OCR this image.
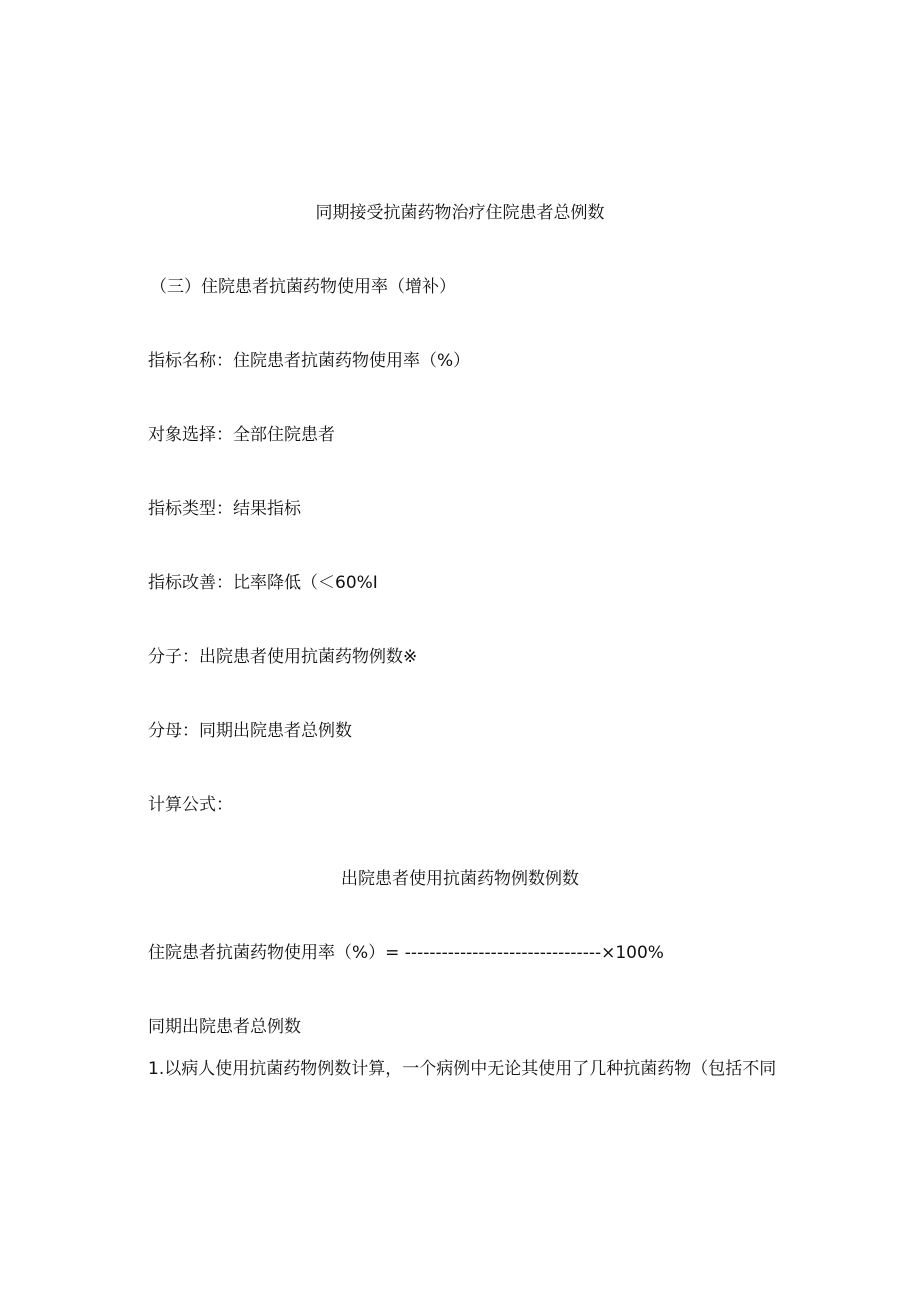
同期接受抗菌药物治疗住院患者总例数
（三）住院患者抗菌药物使用率（增补）
指标名称：住院患者抗菌药物使用率（%）
对象选择：全部住院患者
指标类型：结果指标
指标改善：比率降低（＜60%I
分子：出院患者使用抗菌药物例数※
分母：同期出院患者总例数
计算公式：
出院患者使用抗菌药物例数例数
住院患者抗菌药物使用率（%）= --------------------------------×100%
同期出院患者总例数
1.以病人使用抗菌药物例数计算，一个病例中无论其使用了几种抗菌药物（包括不同
